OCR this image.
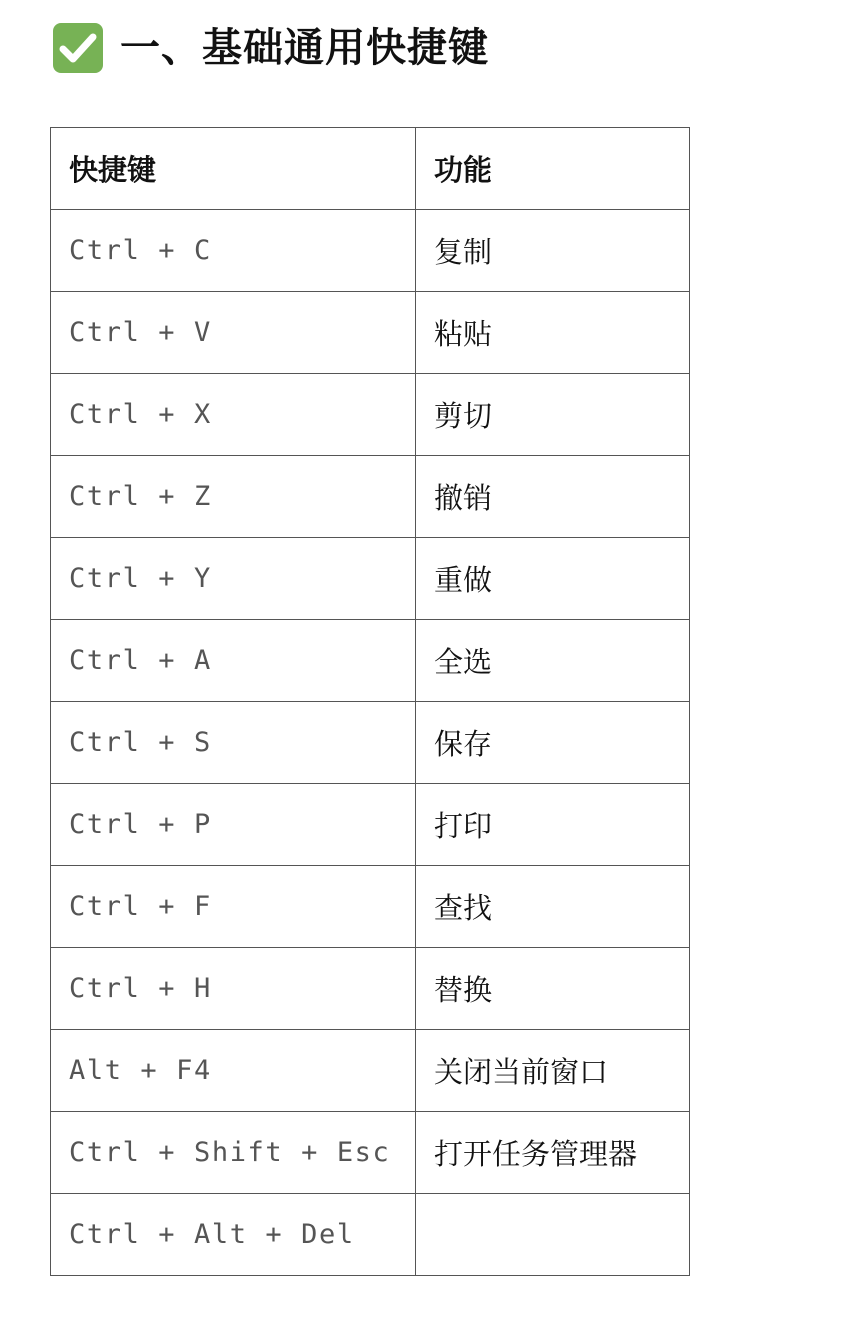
一、基础通用快捷键
快捷键	功能
Ctrl + C	复制
Ctrl + V	粘贴
Ctrl + X	剪切
Ctrl + Z	撤销
Ctrl + Y	重做
Ctrl + A	全选
Ctrl + S	保存
Ctrl + P	打印
Ctrl + F	查找
Ctrl + H	替换
Alt + F4	关闭当前窗口
Ctrl + Shift + Esc	打开任务管理器
Ctrl + Alt + Del	
